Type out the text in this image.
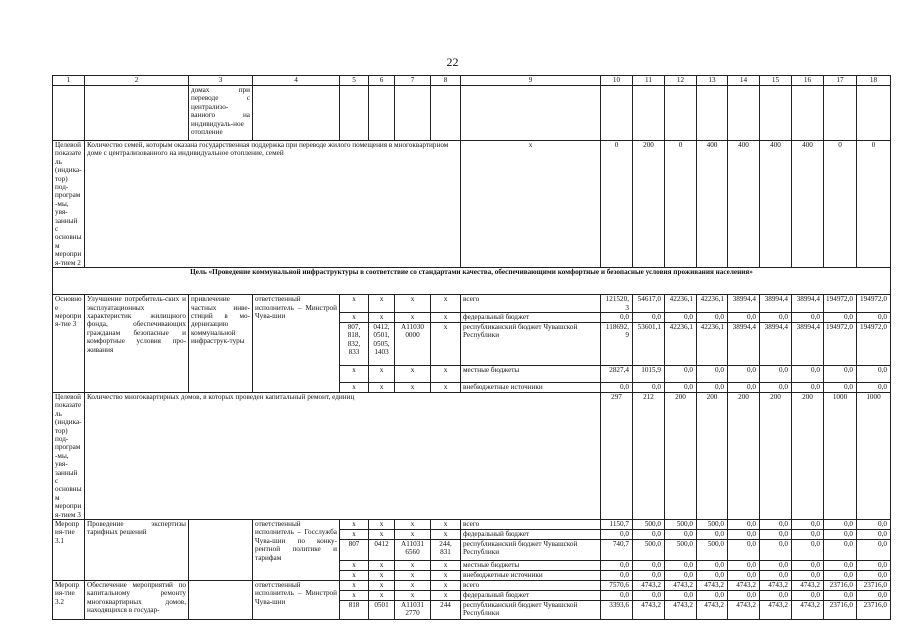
22
1	2	3	4	5	6	7	8	9	10	11	12	13	14	15	16	17	18
		домах при переводе с централизо-ванного на индивидуаль-ное отопление															
Целевой показатель (индика-тор) под-програм-мы, увя-занный с основным мероприя-тием 2	Количество семей, которым оказана государственная поддержка при переводе жилого помещения в многоквартирном доме с централизованного на индивидуальное отопление, семей							x	0	200	0	400	400	400	400	0	0
Цель «Проведение коммунальной инфраструктуры в соответствие со стандартами качества, обеспечивающими комфортные и безопасные условия проживания населения»																	
Основное мероприя-тие 3	Улучшение потребитель-ских и эксплуатационных характеристик жилищного фонда, обеспечивающих гражданам безопасные и комфортные условия про-живания	привлечение частных инве-стиций в мо-дернизацию коммунальной инфраструк-туры	ответственный исполнитель – Минстрой Чува-шии	x	x	x	x	всего	121520,3	54617,0	42236,1	42236,1	38994,4	38994,4	38994,4	194972,0	194972,0
				x	x	x	x	федеральный бюджет	0,0	0,0	0,0	0,0	0,0	0,0	0,0	0,0	0,0
				807, 818, 832, 833	0412, 0501, 0505, 1403	А11030 0000	x	республиканский бюджет Чувашской Республики	118692,9	53601,1	42236,1	42236,1	38994,4	38994,4	38994,4	194972,0	194972,0
				x	x	x	x	местные бюджеты	2827,4	1015,9	0,0	0,0	0,0	0,0	0,0	0,0	0,0
				x	x	x	x	внебюджетные источники	0,0	0,0	0,0	0,0	0,0	0,0	0,0	0,0	0,0
Целевой показатель (индика-тор) под-програм-мы, увя-занный с основным мероприя-тием 3	Количество многоквартирных домов, в которых проведен капитальный ремонт, единиц								297	212	200	200	200	200	200	1000	1000
Мероприя-тие 3.1	Проведение экспертизы тарифных решений		ответственный исполнитель – Госслужба Чува-шии по конку-рентной политике и тарифам	x	x	x	x	всего	1150,7	500,0	500,0	500,0	0,0	0,0	0,0	0,0	0,0
				x	x	x	x	федеральный бюджет	0,0	0,0	0,0	0,0	0,0	0,0	0,0	0,0	0,0
				807	0412	А11031 6560	244, 831	республиканский бюджет Чувашской Республики	740,7	500,0	500,0	500,0	0,0	0,0	0,0	0,0	0,0
				x	x	x	x	местные бюджеты	0,0	0,0	0,0	0,0	0,0	0,0	0,0	0,0	0,0
				x	x	x	x	внебюджетные источники	0,0	0,0	0,0	0,0	0,0	0,0	0,0	0,0	0,0
Мероприя-тие 3.2	Обеспечение мероприятий по капитальному ремонту многоквартирных домов, находящихся в государ-		ответственный исполнитель – Минстрой Чува-шии	x	x	x	x	всего	7570,6	4743,2	4743,2	4743,2	4743,2	4743,2	4743,2	23716,0	23716,0
				x	x	x	x	федеральный бюджет	0,0	0,0	0,0	0,0	0,0	0,0	0,0	0,0	0,0
				818	0501	А11031 2770	244	республиканский бюджет Чувашской Республики	3393,6	4743,2	4743,2	4743,2	4743,2	4743,2	4743,2	23716,0	23716,0
